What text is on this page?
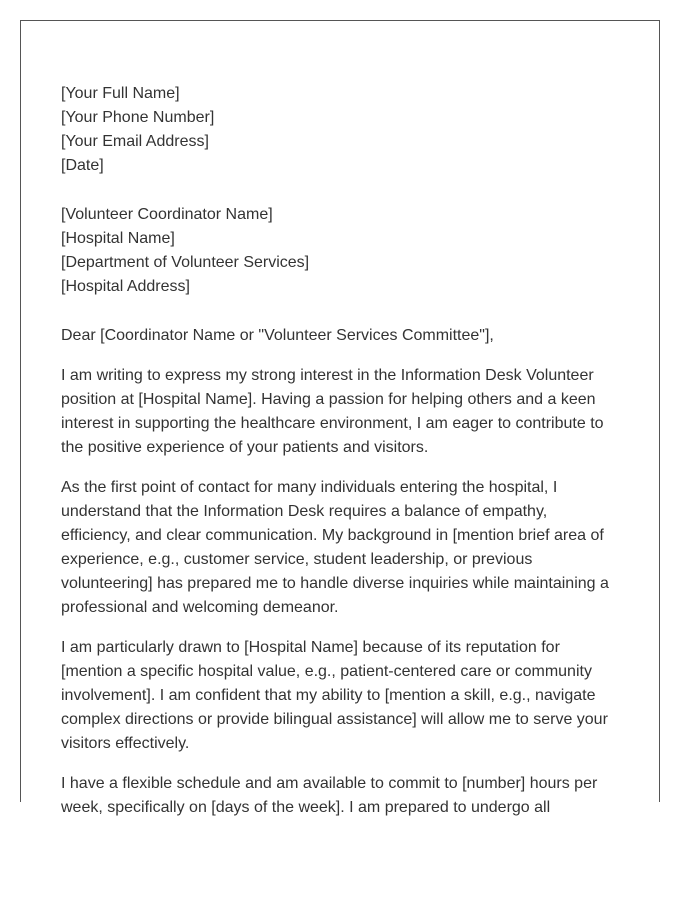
[Your Full Name]
[Your Phone Number]
[Your Email Address]
[Date]
[Volunteer Coordinator Name]
[Hospital Name]
[Department of Volunteer Services]
[Hospital Address]
Dear [Coordinator Name or "Volunteer Services Committee"],

I am writing to express my strong interest in the Information Desk Volunteer
position at [Hospital Name]. Having a passion for helping others and a keen
interest in supporting the healthcare environment, I am eager to contribute to
the positive experience of your patients and visitors.

As the first point of contact for many individuals entering the hospital, I
understand that the Information Desk requires a balance of empathy,
efficiency, and clear communication. My background in [mention brief area of
experience, e.g., customer service, student leadership, or previous
volunteering] has prepared me to handle diverse inquiries while maintaining a
professional and welcoming demeanor.

I am particularly drawn to [Hospital Name] because of its reputation for
[mention a specific hospital value, e.g., patient-centered care or community
involvement]. I am confident that my ability to [mention a skill, e.g., navigate
complex directions or provide bilingual assistance] will allow me to serve your
visitors effectively.

I have a flexible schedule and am available to commit to [number] hours per
week, specifically on [days of the week]. I am prepared to undergo all
